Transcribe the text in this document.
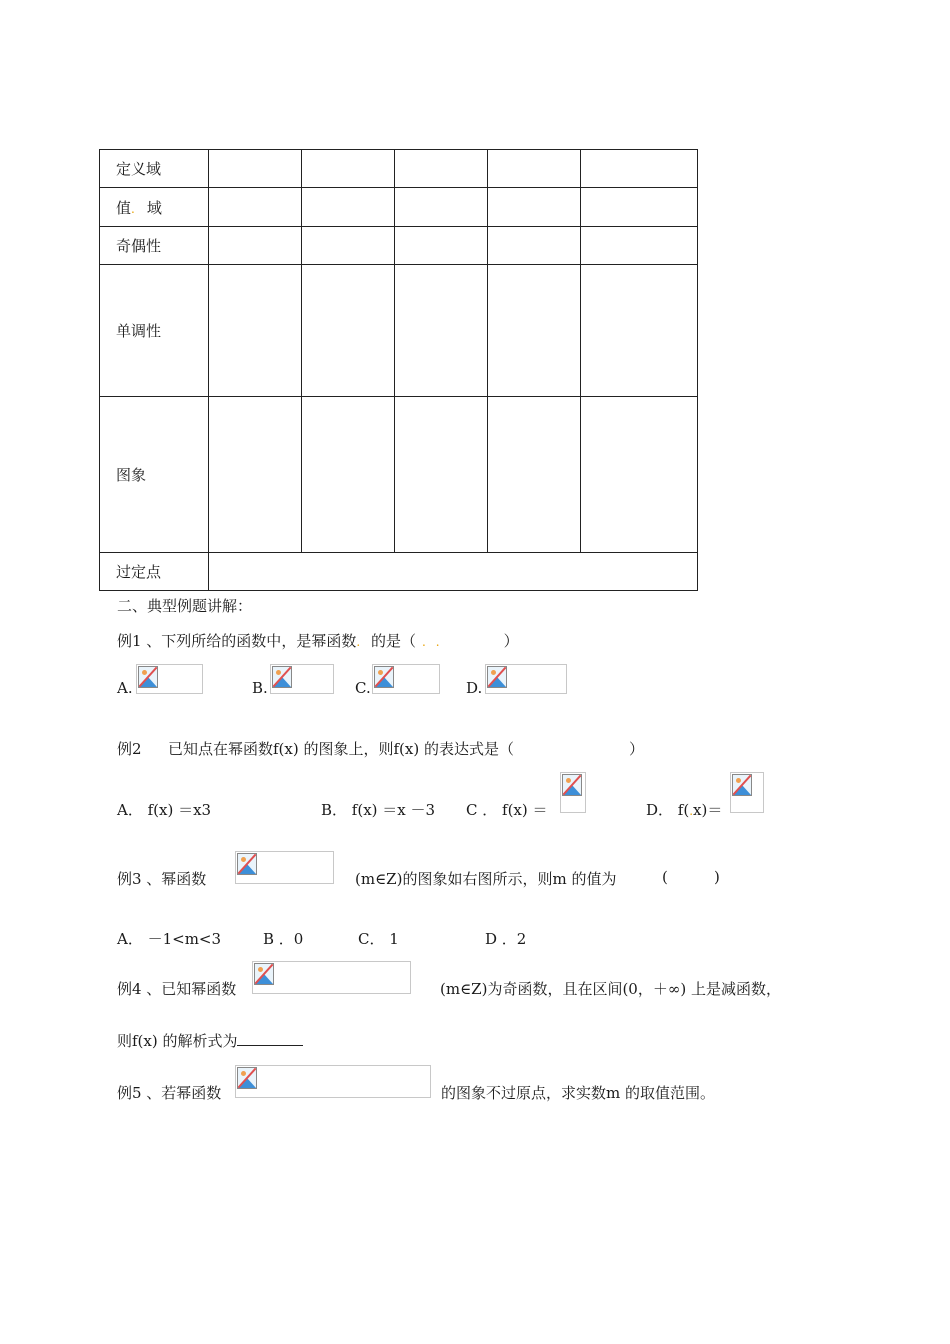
定义域					
值. 域					
奇偶性					
单调性					
图象					
过定点					
二、典型例题讲解：
例1 、下列所给的函数中，是幂函数. 的是（ . .	）
A.	B.	C.	D.
例2 已知点在幂函数f(x) 的图象上，则f(x) 的表达式是（	）
A． f(x) ＝x3	B． f(x) ＝x －3 C ． f(x) ＝	D． f(.x)＝
例3 、幂函数	(m∈Z)的图象如右图所示，则m 的值为	(	)
A． －1<m<3	B ．0	C． 1	D ．2
例4 、已知幂函数	(m∈Z)为奇函数，且在区间(0，＋∞) 上是减函数，
则f(x) 的解析式为
例5 、若幂函数	的图象不过原点，求实数m 的取值范围。
